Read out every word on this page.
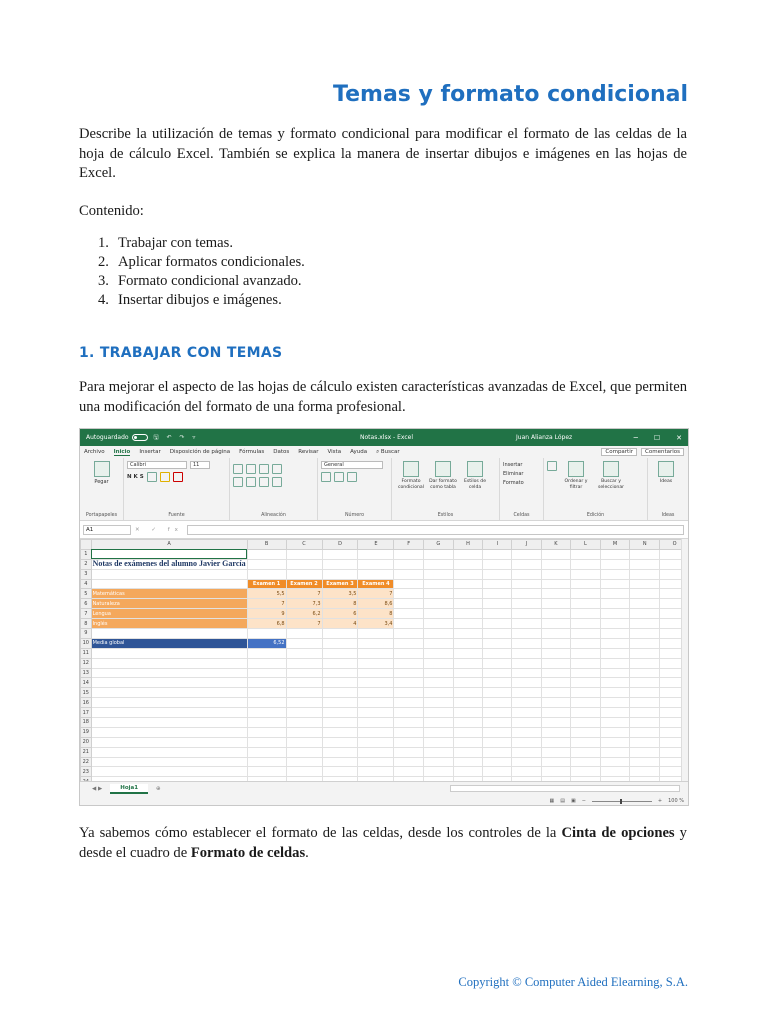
Temas y formato condicional

Describe la utilización de temas y formato condicional para modificar el formato de las celdas de la hoja de cálculo Excel. También se explica la manera de insertar dibujos e imágenes en las hojas de Excel.

Contenido:

1. Trabajar con temas.
2. Aplicar formatos condicionales.
3. Formato condicional avanzado.
4. Insertar dibujos e imágenes.
1. TRABAJAR CON TEMAS

Para mejorar el aspecto de las hojas de cálculo existen características avanzadas de Excel, que permiten una modificación del formato de una forma profesional.

Autoguardado	🖫 ↶ ↷ ▿	Notas.xlsx - Excel	Juan Alianza López	─ ☐ ✕
Archivo Inicio Insertar Disposición de página Fórmulas Datos Revisar Vista Ayuda ⌕ Buscar	Compartir	Comentarios
Pegar
Portapapeles
Calibri	11
N K S
Fuente	Alineación
General
Número
Formato condicional
Dar formato como tabla
Estilos de celda
Estilos
Insertar
Eliminar
Formato
Celdas
Ordenar y filtrar
Buscar y seleccionar
Edición
Ideas
Ideas
A1	✕ ✓ fx
	A	B	C	D	E	F	G	H	I	J	K	L	M	N	O
1															
2	Notas de exámenes del alumno Javier García														
3															
4		Examen 1	Examen 2	Examen 3	Examen 4										
5	Matemáticas	5,5	7	3,5	7										
6	Naturaleza	7	7,3	8	8,6										
7	Lengua	9	6,2	6	8										
8	Inglés	6,8	7	4	3,4										
9															
10	Media global	6,52													
11															
12															
13															
14															
15															
16															
17															
18															
19															
20															
21															
22															
23															

◀ ▶	Hoja1	⊕
▦ ▤ ▣ −	+ 100 %

Ya sabemos cómo establecer el formato de las celdas, desde los controles de la Cinta de opciones y desde el cuadro de Formato de celdas.

Copyright © Computer Aided Elearning, S.A.
